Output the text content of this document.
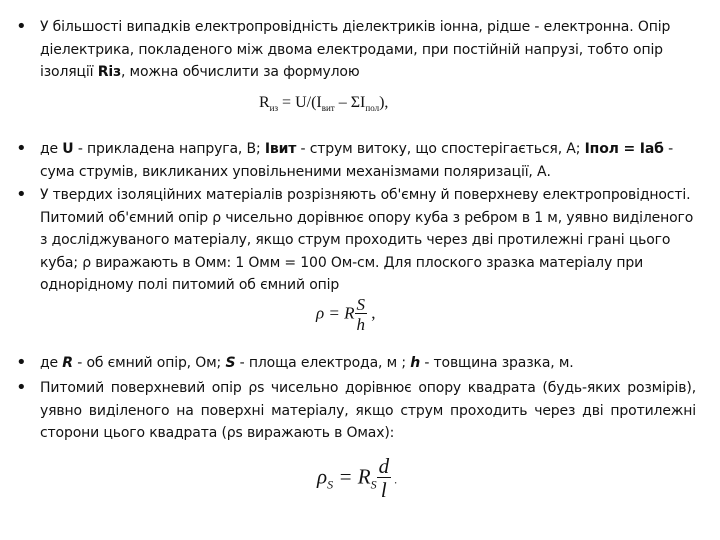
• У більшості випадків електропровідність діелектриків іонна, рідше - електронна. Опір діелектрика, покладеного між двома електродами, при постійній напрузі, тобто опір ізоляції Rіз, можна обчислити за формулою
$R_{из} = U/(I_{вит} - \Sigma I_{пол})$,
• де U - прикладена напруга, В; Iвит - струм витоку, що спостерігається, А; Iпол = Iаб - сума струмів, викликаних уповільненими механізмами поляризації, А.
• У твердих ізоляційних матеріалів розрізняють об'ємну й поверхневу електропровідності. Питомий об'ємний опір ρ чисельно дорівнює опору куба з ребром в 1 м, уявно виділеного з досліджуваного матеріалу, якщо струм проходить через дві протилежні грані цього куба; ρ виражають в Омм: 1 Омм = 100 Ом-см. Для плоского зразка матеріалу при однорідному полі питомий об ємний опір
ρ = R $\frac{S}{h}$ ,
• де R - об ємний опір, Ом; S - площа електрода, м ; h - товщина зразка, м.
• Питомий поверхневий опір ρs чисельно дорівнює опору квадрата (будь-яких розмірів), уявно виділеного на поверхні матеріалу, якщо струм проходить через дві протилежні сторони цього квадрата (ρs виражають в Омах):
$\rho_S = R_S \frac{d}{l}$ .
